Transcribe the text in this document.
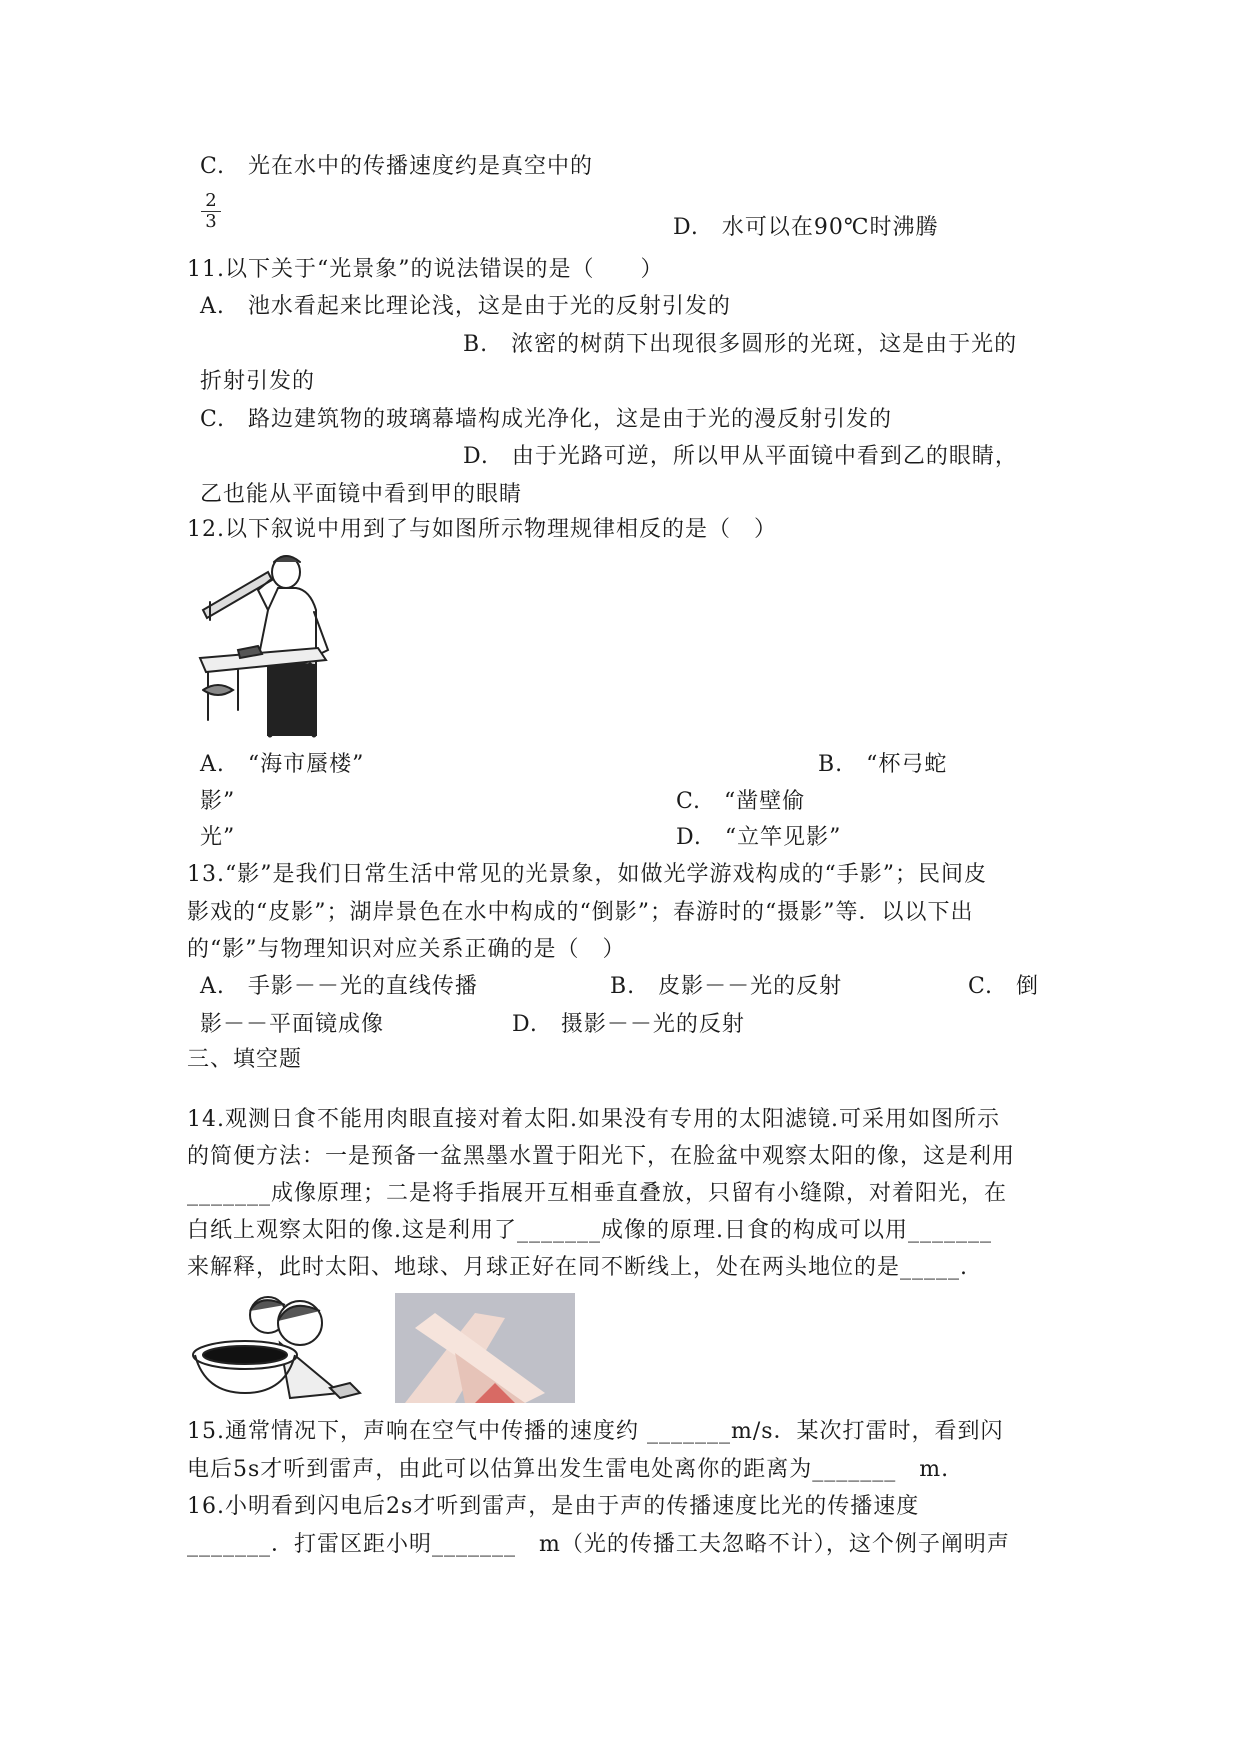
C.　光在水中的传播速度约是真空中的
2
3	D.　水可以在90℃时沸腾
11.以下关于“光景象”的说法错误的是（　　）
A.　池水看起来比理论浅，这是由于光的反射引发的
B.　浓密的树荫下出现很多圆形的光斑，这是由于光的
折射引发的
C.　路边建筑物的玻璃幕墙构成光净化，这是由于光的漫反射引发的
D.　由于光路可逆，所以甲从平面镜中看到乙的眼睛，
乙也能从平面镜中看到甲的眼睛
12.以下叙说中用到了与如图所示物理规律相反的是（　）
A.　“海市蜃楼”	B.　“杯弓蛇
影”	C.　“凿壁偷
光”	D.　“立竿见影”
13.“影”是我们日常生活中常见的光景象，如做光学游戏构成的“手影”；民间皮
影戏的“皮影”；湖岸景色在水中构成的“倒影”；春游时的“摄影”等．以以下出
的“影”与物理知识对应关系正确的是（　）
A.　手影－－光的直线传播	B.　皮影－－光的反射	C.　倒
影－－平面镜成像	D.　摄影－－光的反射
三、填空题
14.观测日食不能用肉眼直接对着太阳.如果没有专用的太阳滤镜.可采用如图所示
的简便方法：一是预备一盆黑墨水置于阳光下，在脸盆中观察太阳的像，这是利用
_______成像原理；二是将手指展开互相垂直叠放，只留有小缝隙，对着阳光，在
白纸上观察太阳的像.这是利用了_______成像的原理.日食的构成可以用_______
来解释，此时太阳、地球、月球正好在同不断线上，处在两头地位的是_____.
15.通常情况下，声响在空气中传播的速度约 _______m/s．某次打雷时，看到闪
电后5s才听到雷声，由此可以估算出发生雷电处离你的距离为_______　m.
16.小明看到闪电后2s才听到雷声，是由于声的传播速度比光的传播速度
_______．打雷区距小明_______　m（光的传播工夫忽略不计），这个例子阐明声
